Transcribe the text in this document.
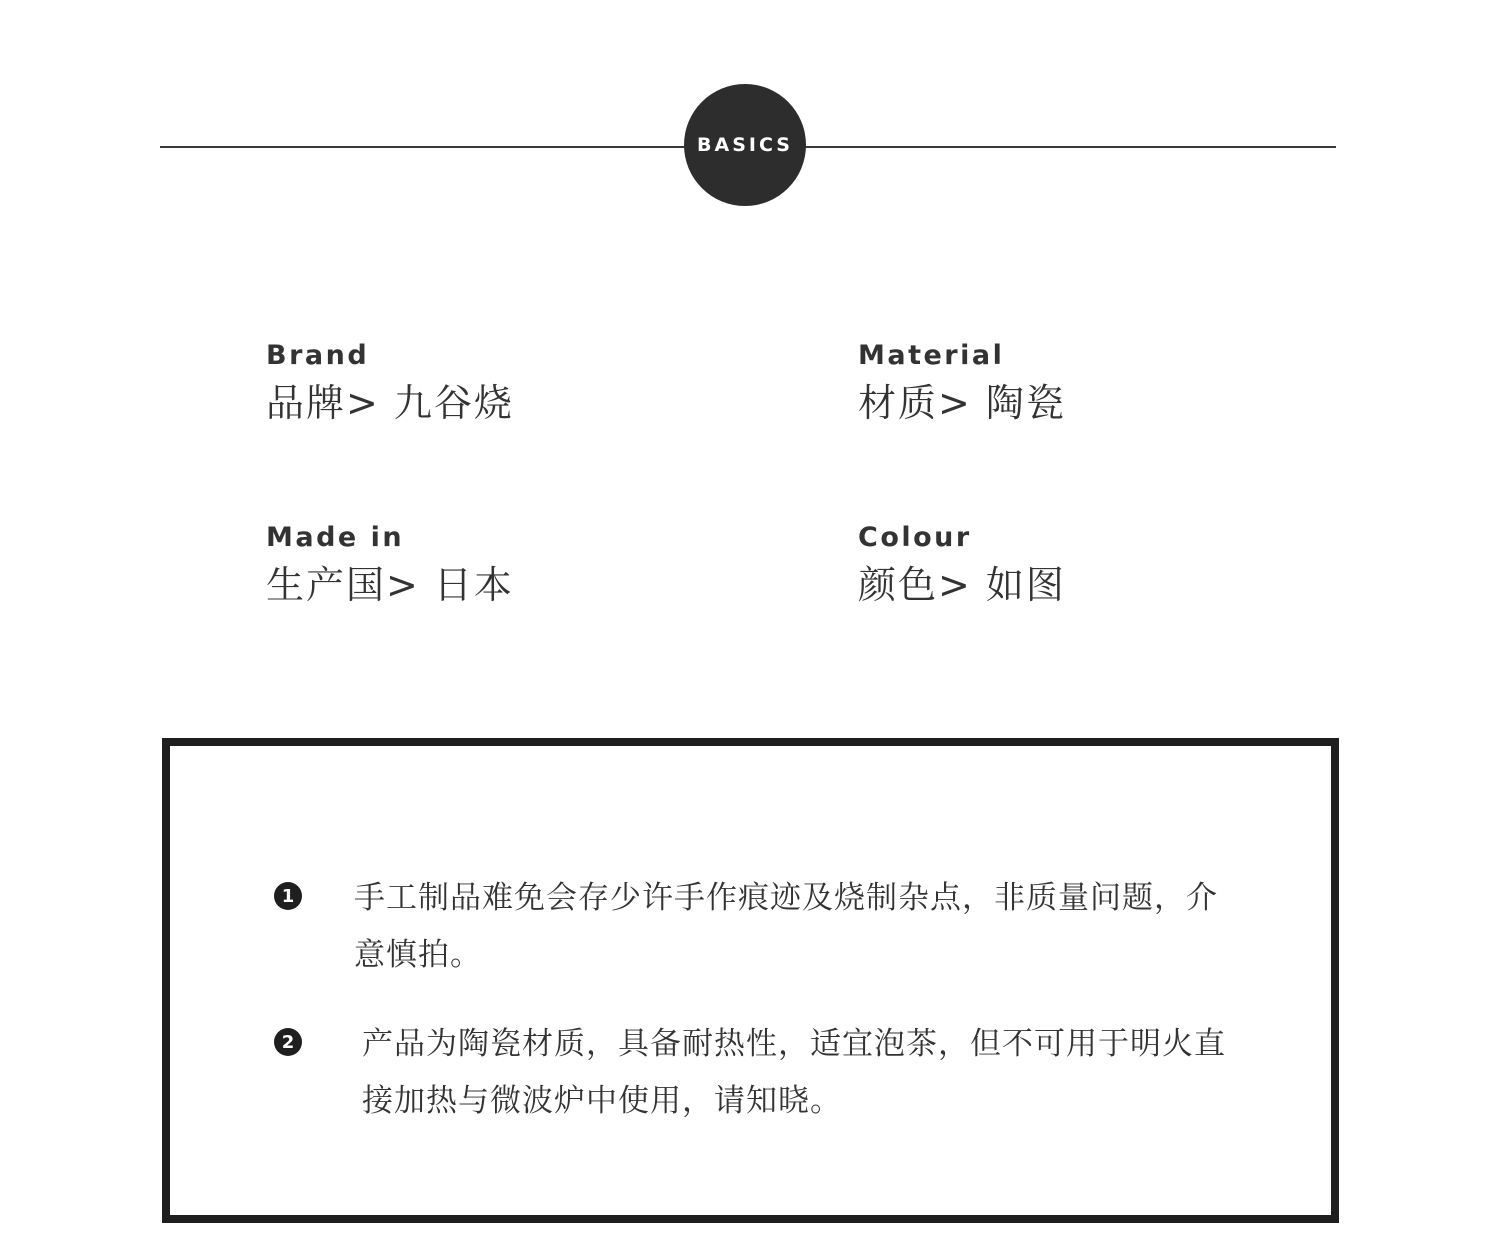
BASICS
Brand
品牌> 九谷烧
Material
材质> 陶瓷
Made in
生产国> 日本
Colour
颜色> 如图
1 手工制品难免会存少许手作痕迹及烧制杂点，非质量问题，介意慎拍。
2 产品为陶瓷材质，具备耐热性，适宜泡茶，但不可用于明火直接加热与微波炉中使用，请知晓。
